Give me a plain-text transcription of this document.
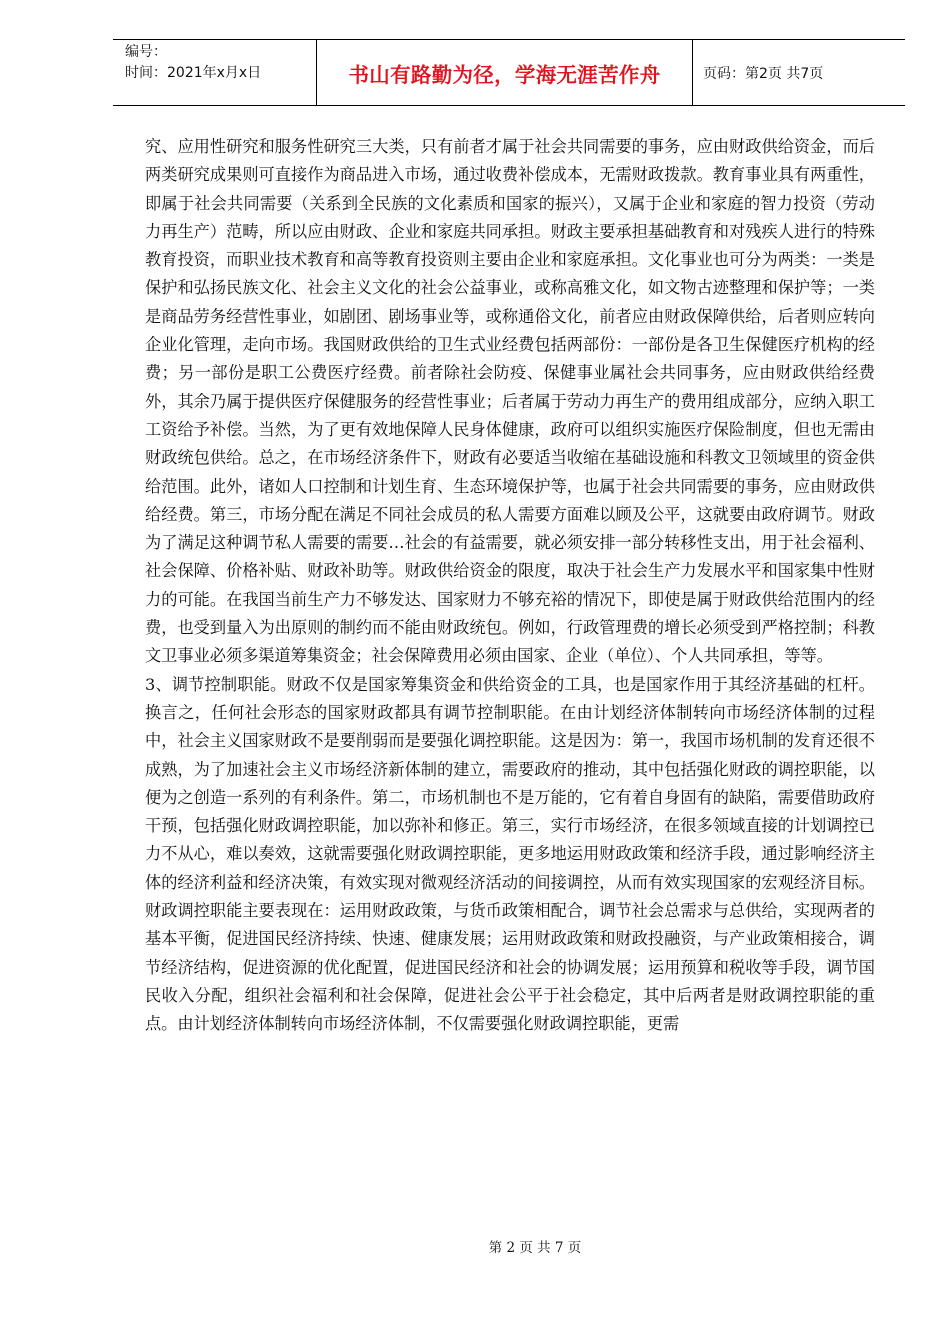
编号：
时间：2021年x月x日	书山有路勤为径，学海无涯苦作舟	页码：第2页 共7页

究、应用性研究和服务性研究三大类，只有前者才属于社会共同需要的事务，应由财政供给资金，而后两类研究成果则可直接作为商品进入市场，通过收费补偿成本，无需财政拨款。教育事业具有两重性，即属于社会共同需要（关系到全民族的文化素质和国家的振兴），又属于企业和家庭的智力投资（劳动力再生产）范畴，所以应由财政、企业和家庭共同承担。财政主要承担基础教育和对残疾人进行的特殊教育投资，而职业技术教育和高等教育投资则主要由企业和家庭承担。文化事业也可分为两类：一类是保护和弘扬民族文化、社会主义文化的社会公益事业，或称高雅文化，如文物古迹整理和保护等；一类是商品劳务经营性事业，如剧团、剧场事业等，或称通俗文化，前者应由财政保障供给，后者则应转向企业化管理，走向市场。我国财政供给的卫生式业经费包括两部份：一部份是各卫生保健医疗机构的经费；另一部份是职工公费医疗经费。前者除社会防疫、保健事业属社会共同事务，应由财政供给经费外，其余乃属于提供医疗保健服务的经营性事业；后者属于劳动力再生产的费用组成部分，应纳入职工工资给予补偿。当然，为了更有效地保障人民身体健康，政府可以组织实施医疗保险制度，但也无需由财政统包供给。总之，在市场经济条件下，财政有必要适当收缩在基础设施和科教文卫领域里的资金供给范围。此外，诸如人口控制和计划生育、生态环境保护等，也属于社会共同需要的事务，应由财政供给经费。第三，市场分配在满足不同社会成员的私人需要方面难以顾及公平，这就要由政府调节。财政为了满足这种调节私人需要的需要…社会的有益需要，就必须安排一部分转移性支出，用于社会福利、社会保障、价格补贴、财政补助等。财政供给资金的限度，取决于社会生产力发展水平和国家集中性财力的可能。在我国当前生产力不够发达、国家财力不够充裕的情况下，即使是属于财政供给范围内的经费，也受到量入为出原则的制约而不能由财政统包。例如，行政管理费的增长必须受到严格控制；科教文卫事业必须多渠道筹集资金；社会保障费用必须由国家、企业（单位）、个人共同承担，等等。

3、调节控制职能。财政不仅是国家筹集资金和供给资金的工具，也是国家作用于其经济基础的杠杆。换言之，任何社会形态的国家财政都具有调节控制职能。在由计划经济体制转向市场经济体制的过程中，社会主义国家财政不是要削弱而是要强化调控职能。这是因为：第一，我国市场机制的发育还很不成熟，为了加速社会主义市场经济新体制的建立，需要政府的推动，其中包括强化财政的调控职能，以便为之创造一系列的有利条件。第二，市场机制也不是万能的，它有着自身固有的缺陷，需要借助政府干预，包括强化财政调控职能，加以弥补和修正。第三，实行市场经济，在很多领域直接的计划调控已力不从心，难以奏效，这就需要强化财政调控职能，更多地运用财政政策和经济手段，通过影响经济主体的经济利益和经济决策，有效实现对微观经济活动的间接调控，从而有效实现国家的宏观经济目标。财政调控职能主要表现在：运用财政政策，与货币政策相配合，调节社会总需求与总供给，实现两者的基本平衡，促进国民经济持续、快速、健康发展；运用财政政策和财政投融资，与产业政策相接合，调节经济结构，促进资源的优化配置，促进国民经济和社会的协调发展；运用预算和税收等手段，调节国民收入分配，组织社会福利和社会保障，促进社会公平于社会稳定，其中后两者是财政调控职能的重点。由计划经济体制转向市场经济体制，不仅需要强化财政调控职能，更需

第 2 页 共 7 页
